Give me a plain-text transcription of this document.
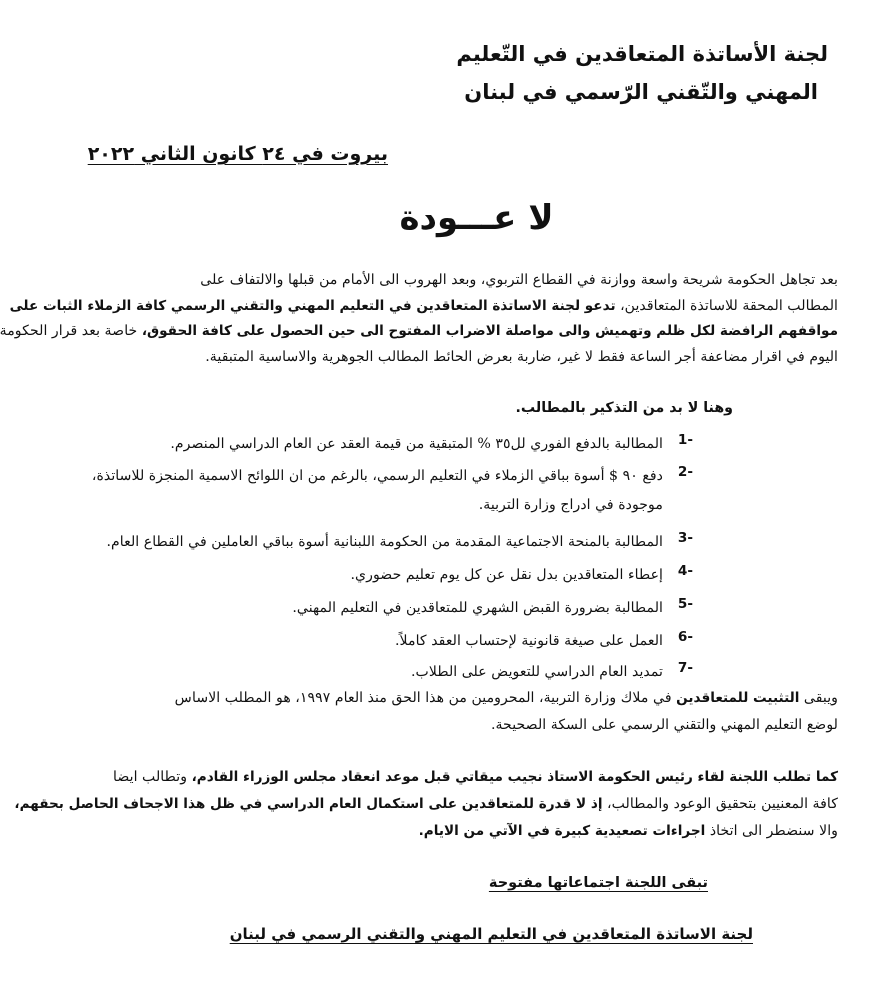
لجنة الأساتذة المتعاقدين في التّعليم
المهني والتّقني الرّسمي في لبنان
بيروت في ٢٤ كانون الثاني ٢٠٢٢
لا عـــودة
بعد تجاهل الحكومة شريحة واسعة ووازنة في القطاع التربوي، وبعد الهروب الى الأمام من قبلها والالتفاف على
المطالب المحقة للاساتذة المتعاقدين، تدعو لجنة الاساتذة المتعاقدين في التعليم المهني والتقني الرسمي كافة الزملاء الثبات على
مواقفهم الرافضة لكل ظلم وتهميش والى مواصلة الاضراب المفتوح الى حين الحصول على كافة الحقوق، خاصة بعد قرار الحكومة
اليوم في اقرار مضاعفة أجر الساعة فقط لا غير، ضاربة بعرض الحائط المطالب الجوهرية والاساسية المتبقية.
وهنا لا بد من التذكير بالمطالب.
-1
المطالبة بالدفع الفوري لل٣٥ % المتبقية من قيمة العقد عن العام الدراسي المنصرم.
-2
دفع ٩٠ $ أسوة بباقي الزملاء في التعليم الرسمي، بالرغم من ان اللوائح الاسمية المنجزة للاساتذة،
موجودة في ادراج وزارة التربية.
-3
المطالبة بالمنحة الاجتماعية المقدمة من الحكومة اللبنانية أسوة بباقي العاملين في القطاع العام.
-4
إعطاء المتعاقدين بدل نقل عن كل يوم تعليم حضوري.
-5
المطالبة بضرورة القبض الشهري للمتعاقدين في التعليم المهني.
-6
العمل على صيغة قانونية لإحتساب العقد كاملاً.
-7
تمديد العام الدراسي للتعويض على الطلاب.
ويبقى التثبيت للمتعاقدين في ملاك وزارة التربية، المحرومين من هذا الحق منذ العام ١٩٩٧، هو المطلب الاساس
لوضع التعليم المهني والتقني الرسمي على السكة الصحيحة.
كما تطلب اللجنة لقاء رئيس الحكومة الاستاذ نجيب ميقاتي قبل موعد انعقاد مجلس الوزراء القادم، وتطالب ايضا
كافة المعنيين بتحقيق الوعود والمطالب، إذ لا قدرة للمتعاقدين على استكمال العام الدراسي في ظل هذا الاجحاف الحاصل بحقهم،
والا سنضطر الى اتخاذ اجراءات تصعيدية كبيرة في الآتي من الايام.
تبقى اللجنة اجتماعاتها مفتوحة
لجنة الاساتذة المتعاقدين في التعليم المهني والتقني الرسمي في لبنان
